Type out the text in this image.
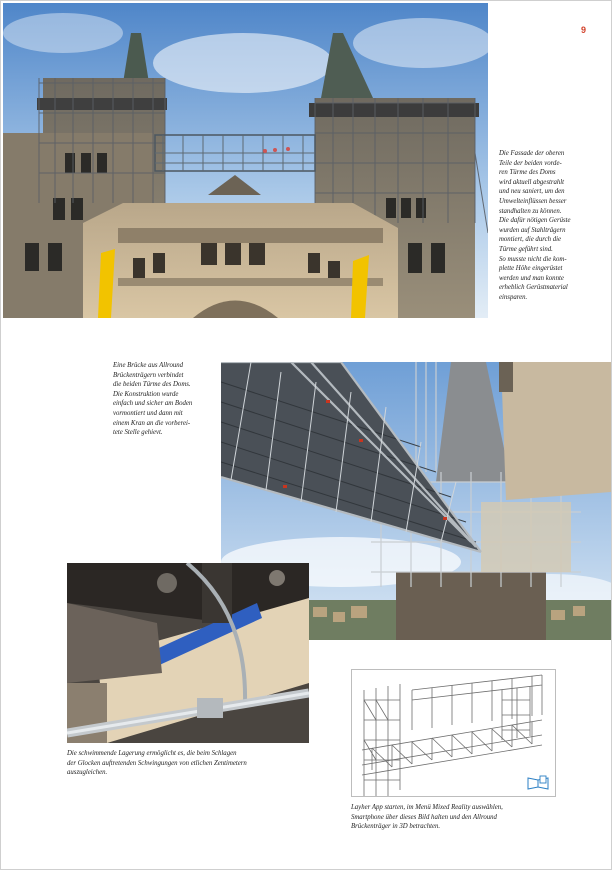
9
Die Fassade der oberen
Teile der beiden vorde-
ren Türme des Doms
wird aktuell abgestrahlt
und neu saniert, um den
Umwelteinflüssen besser
standhalten zu können.
Die dafür nötigen Gerüste
wurden auf Stahlträgern
montiert, die durch die
Türme geführt sind.
So musste nicht die kom-
plette Höhe eingerüstet
werden und man konnte
erheblich Gerüstmaterial
einsparen.
Eine Brücke aus Allround
Brückenträgern verbindet
die beiden Türme des Doms.
Die Konstruktion wurde
einfach und sicher am Boden
vormontiert und dann mit
einem Kran an die vorberei-
tete Stelle gehievt.
Die schwimmende Lagerung ermöglicht es, die beim Schlagen
der Glocken auftretenden Schwingungen von etlichen Zentimetern
auszugleichen.
Layher App starten, im Menü Mixed Reality auswählen,
Smartphone über dieses Bild halten und den Allround
Brückenträger in 3D betrachten.
